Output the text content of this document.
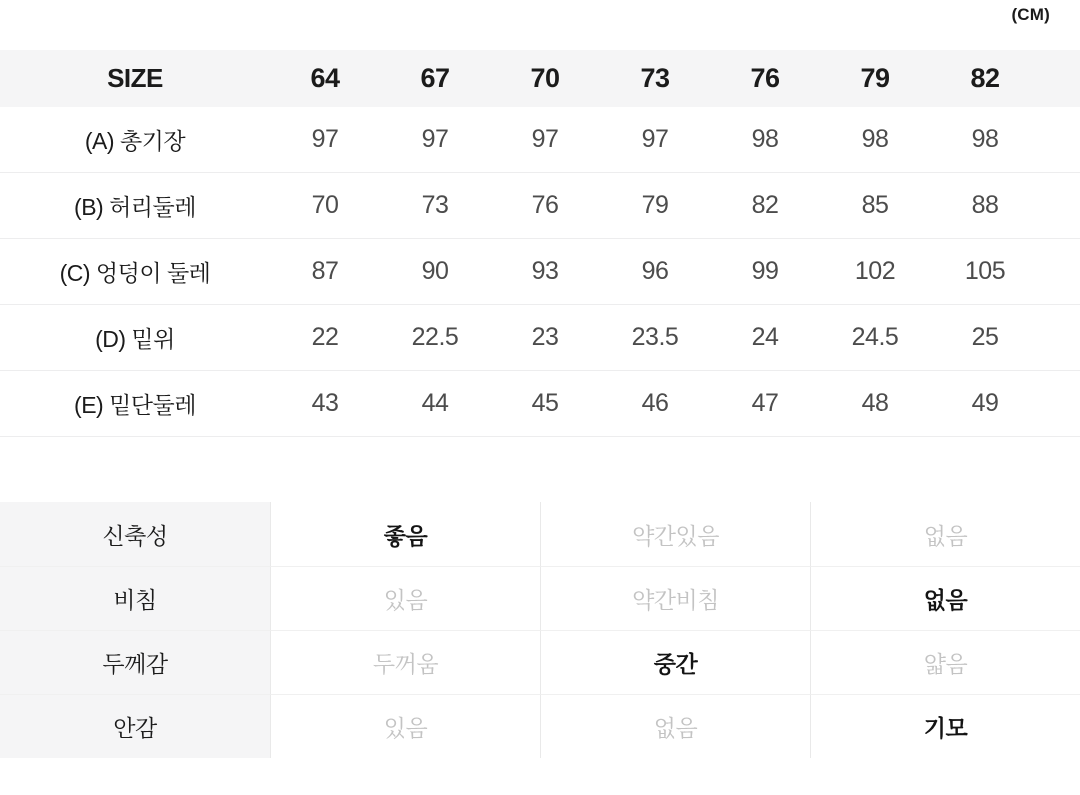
(CM)
SIZE	64	67	70	73	76	79	82
(A) 총기장	97	97	97	97	98	98	98
(B) 허리둘레	70	73	76	79	82	85	88
(C) 엉덩이 둘레	87	90	93	96	99	102	105
(D) 밑위	22	22.5	23	23.5	24	24.5	25
(E) 밑단둘레	43	44	45	46	47	48	49
신축성	좋음	약간있음	없음
비침	있음	약간비침	없음
두께감	두꺼움	중간	얇음
안감	있음	없음	기모
